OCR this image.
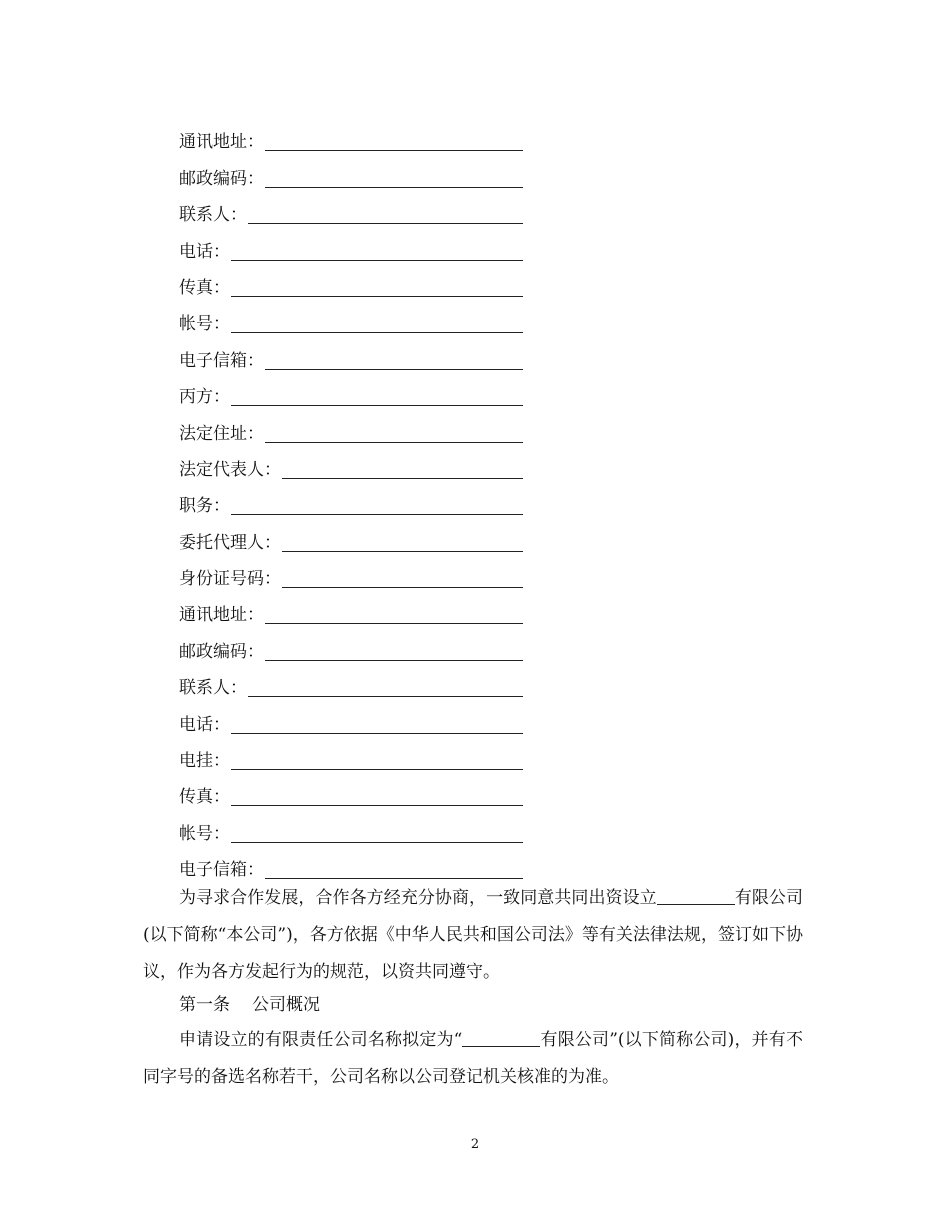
通讯地址：
邮政编码：
联系人：
电话：
传真：
帐号：
电子信箱：
丙方：
法定住址：
法定代表人：
职务：
委托代理人：
身份证号码：
通讯地址：
邮政编码：
联系人：
电话：
电挂：
传真：
帐号：
电子信箱：
为寻求合作发展，合作各方经充分协商，一致同意共同出资设立	有限公司(以下简称“本公司”)，各方依据《中华人民共和国公司法》等有关法律法规，签订如下协议，作为各方发起行为的规范，以资共同遵守。
第一条 公司概况
申请设立的有限责任公司名称拟定为“	有限公司”(以下简称公司)，并有不同字号的备选名称若干，公司名称以公司登记机关核准的为准。
2
